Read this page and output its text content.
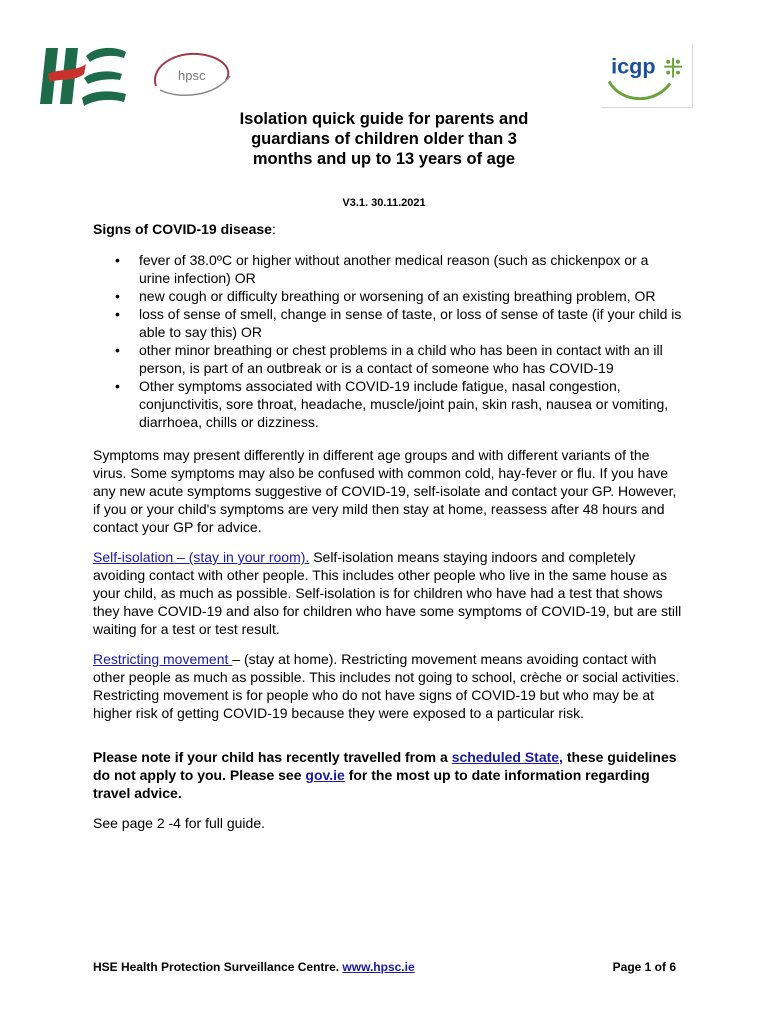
hpsc	icgp
Isolation quick guide for parents and
guardians of children older than 3
months and up to 13 years of age
V3.1. 30.11.2021
Signs of COVID-19 disease:
• fever of 38.0ºC or higher without another medical reason (such as chickenpox or a urine infection) OR
• new cough or difficulty breathing or worsening of an existing breathing problem, OR
• loss of sense of smell, change in sense of taste, or loss of sense of taste (if your child is able to say this) OR
• other minor breathing or chest problems in a child who has been in contact with an ill person, is part of an outbreak or is a contact of someone who has COVID-19
• Other symptoms associated with COVID-19 include fatigue, nasal congestion, conjunctivitis, sore throat, headache, muscle/joint pain, skin rash, nausea or vomiting, diarrhoea, chills or dizziness.

Symptoms may present differently in different age groups and with different variants of the virus. Some symptoms may also be confused with common cold, hay-fever or flu. If you have any new acute symptoms suggestive of COVID-19, self-isolate and contact your GP. However, if you or your child's symptoms are very mild then stay at home, reassess after 48 hours and contact your GP for advice.

Self-isolation – (stay in your room). Self-isolation means staying indoors and completely avoiding contact with other people. This includes other people who live in the same house as your child, as much as possible. Self-isolation is for children who have had a test that shows they have COVID-19 and also for children who have some symptoms of COVID-19, but are still waiting for a test or test result.

Restricting movement – (stay at home). Restricting movement means avoiding contact with other people as much as possible. This includes not going to school, crèche or social activities. Restricting movement is for people who do not have signs of COVID-19 but who may be at higher risk of getting COVID-19 because they were exposed to a particular risk.

Please note if your child has recently travelled from a scheduled State, these guidelines do not apply to you. Please see gov.ie for the most up to date information regarding travel advice.

See page 2 -4 for full guide.

HSE Health Protection Surveillance Centre. www.hpsc.ie	Page 1 of 6
